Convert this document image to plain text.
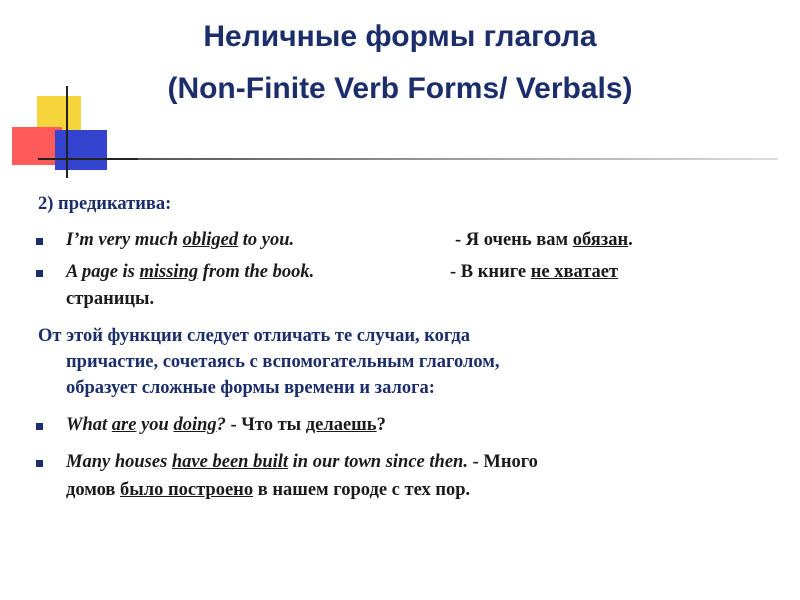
Неличные формы глагола
(Non-Finite Verb Forms/ Verbals)
2) предикатива:
I’m very much obliged to you.	- Я очень вам обязан.
A page is missing from the book.	- В книге не хватает
страницы.
От этой функции следует отличать те случаи, когда
причастие, сочетаясь с вспомогательным глаголом,
образует сложные формы времени и залога:
What are you doing? - Что ты делаешь?
Many houses have been built in our town since then. - Много
домов было построено в нашем городе с тех пор.
